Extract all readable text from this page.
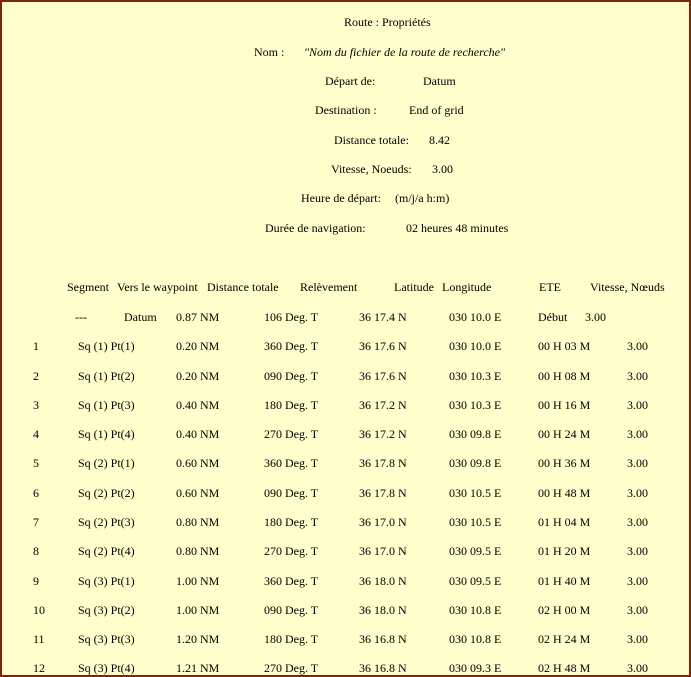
Route : Propriétés
Nom : "Nom du fichier de la route de recherche"
Départ de:	Datum
Destination :	End of grid
Distance totale: 8.42
Vitesse, Noeuds: 3.00
Heure de départ: (m/j/a h:m)
Durée de navigation:	02 heures 48 minutes
Segment Vers le waypoint Distance totale Relèvement	Latitude Longitude	ETE Vitesse, Nœuds
---	Datum 0.87 NM	106 Deg. T	36 17.4 N	030 10.0 E	Début 3.00
1	Sq (1) Pt(1)	0.20 NM	360 Deg. T	36 17.6 N	030 10.0 E	00 H 03 M	3.00
2	Sq (1) Pt(2)	0.20 NM	090 Deg. T	36 17.6 N	030 10.3 E	00 H 08 M	3.00
3	Sq (1) Pt(3)	0.40 NM	180 Deg. T	36 17.2 N	030 10.3 E	00 H 16 M	3.00
4	Sq (1) Pt(4)	0.40 NM	270 Deg. T	36 17.2 N	030 09.8 E	00 H 24 M	3.00
5	Sq (2) Pt(1)	0.60 NM	360 Deg. T	36 17.8 N	030 09.8 E	00 H 36 M	3.00
6	Sq (2) Pt(2)	0.60 NM	090 Deg. T	36 17.8 N	030 10.5 E	00 H 48 M	3.00
7	Sq (2) Pt(3)	0.80 NM	180 Deg. T	36 17.0 N	030 10.5 E	01 H 04 M	3.00
8	Sq (2) Pt(4)	0.80 NM	270 Deg. T	36 17.0 N	030 09.5 E	01 H 20 M	3.00
9	Sq (3) Pt(1)	1.00 NM	360 Deg. T	36 18.0 N	030 09.5 E	01 H 40 M	3.00
10	Sq (3) Pt(2)	1.00 NM	090 Deg. T	36 18.0 N	030 10.8 E	02 H 00 M	3.00
11	Sq (3) Pt(3)	1.20 NM	180 Deg. T	36 16.8 N	030 10.8 E	02 H 24 M	3.00
12	Sq (3) Pt(4)	1.21 NM	270 Deg. T	36 16.8 N	030 09.3 E	02 H 48 M	3.00
